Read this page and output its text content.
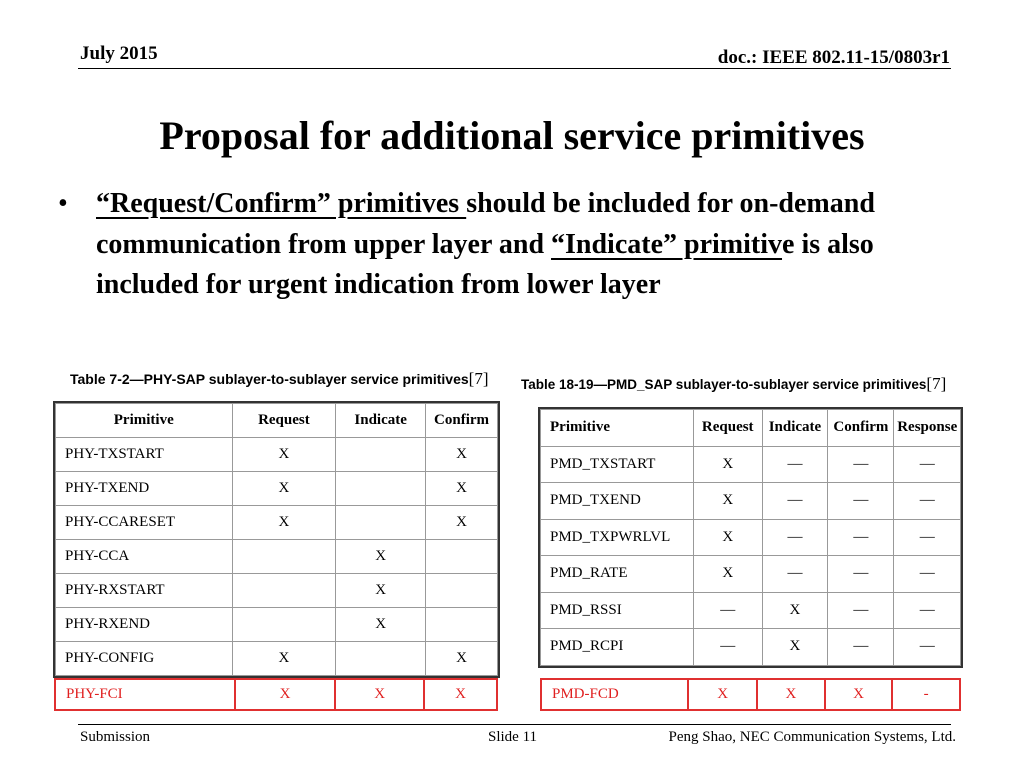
July 2015	doc.: IEEE 802.11-15/0803r1
Proposal for additional service primitives
• “Request/Confirm” primitives should be included for on-demand communication from upper layer and “Indicate” primitive is also included for urgent indication from lower layer
Table 7-2—PHY-SAP sublayer-to-sublayer service primitives[7]
Primitive	Request	Indicate	Confirm
PHY-TXSTART	X		X
PHY-TXEND	X		X
PHY-CCARESET	X		X
PHY-CCA		X	
PHY-RXSTART		X	
PHY-RXEND		X	
PHY-CONFIG	X		X
PHY-FCI	X	X	X
Table 18-19—PMD_SAP sublayer-to-sublayer service primitives[7]
Primitive	Request	Indicate	Confirm	Response
PMD_TXSTART	X	—	—	—
PMD_TXEND	X	—	—	—
PMD_TXPWRLVL	X	—	—	—
PMD_RATE	X	—	—	—
PMD_RSSI	—	X	—	—
PMD_RCPI	—	X	—	—
PMD-FCD	X	X	X	-
Submission	Slide 11	Peng Shao, NEC Communication Systems, Ltd.
